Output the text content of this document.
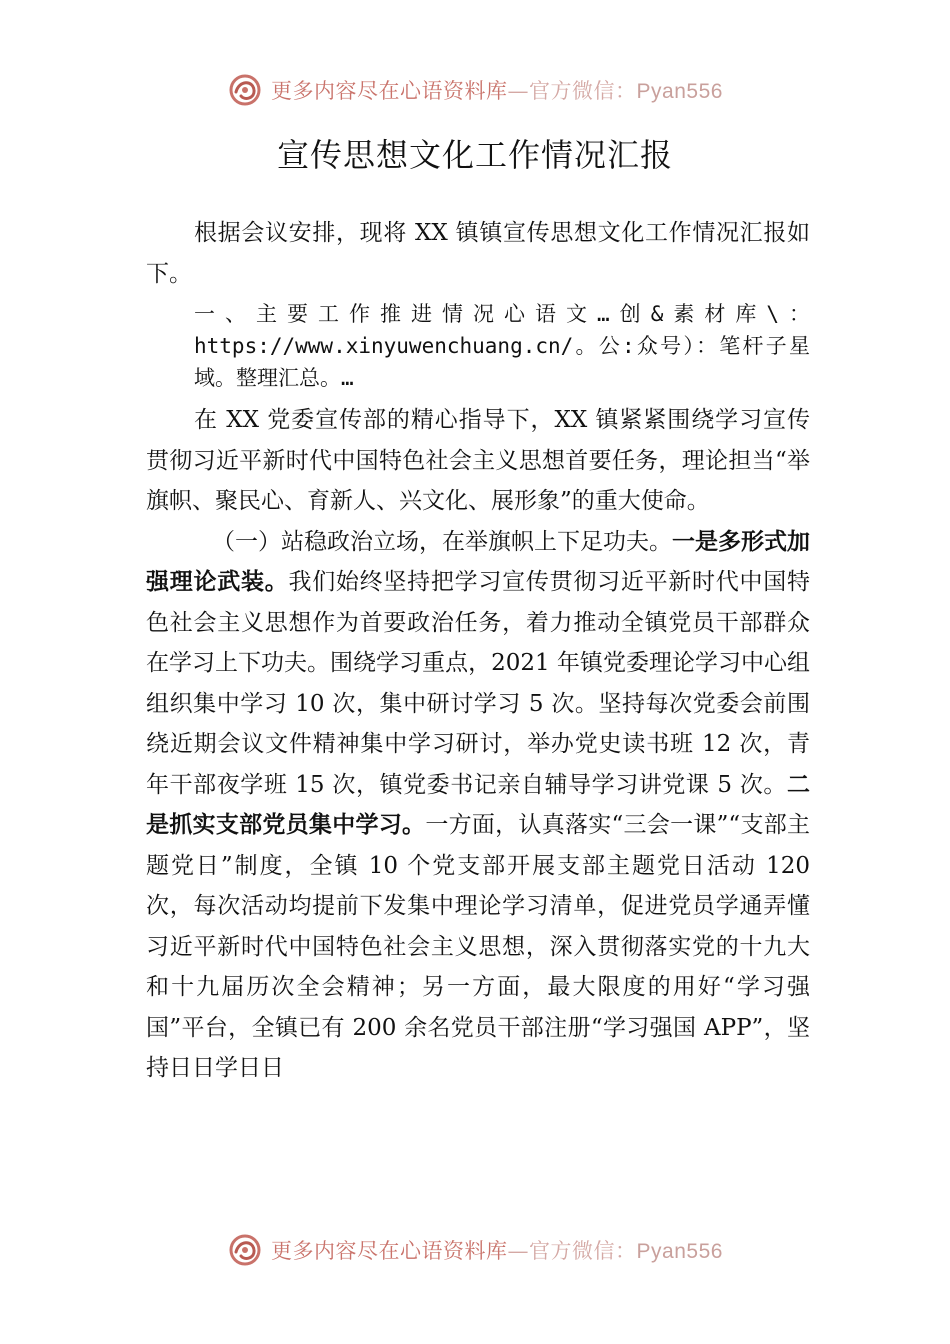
更多内容尽在心语资料库—官方微信：Pyan556
宣传思想文化工作情况汇报

根据会议安排，现将 XX 镇镇宣传思想文化工作情况汇报如下。

一、主要工作推进情况心语文…创&素材库\：https://www.xinyuwenchuang.cn/。公:众号）：笔杆子星域。整理汇总。…

在 XX 党委宣传部的精心指导下，XX 镇紧紧围绕学习宣传贯彻习近平新时代中国特色社会主义思想首要任务，理论担当“举旗帜、聚民心、育新人、兴文化、展形象”的重大使命。

（一）站稳政治立场，在举旗帜上下足功夫。一是多形式加强理论武装。我们始终坚持把学习宣传贯彻习近平新时代中国特色社会主义思想作为首要政治任务，着力推动全镇党员干部群众在学习上下功夫。围绕学习重点，2021 年镇党委理论学习中心组组织集中学习 10 次，集中研讨学习 5 次。坚持每次党委会前围绕近期会议文件精神集中学习研讨，举办党史读书班 12 次，青年干部夜学班 15 次，镇党委书记亲自辅导学习讲党课 5 次。二是抓实支部党员集中学习。一方面，认真落实“三会一课”“支部主题党日”制度，全镇 10 个党支部开展支部主题党日活动 120 次，每次活动均提前下发集中理论学习清单，促进党员学通弄懂习近平新时代中国特色社会主义思想，深入贯彻落实党的十九大和十九届历次全会精神；另一方面，最大限度的用好“学习强国”平台，全镇已有 200 余名党员干部注册“学习强国 APP”，坚持日日学日日

更多内容尽在心语资料库—官方微信：Pyan556
